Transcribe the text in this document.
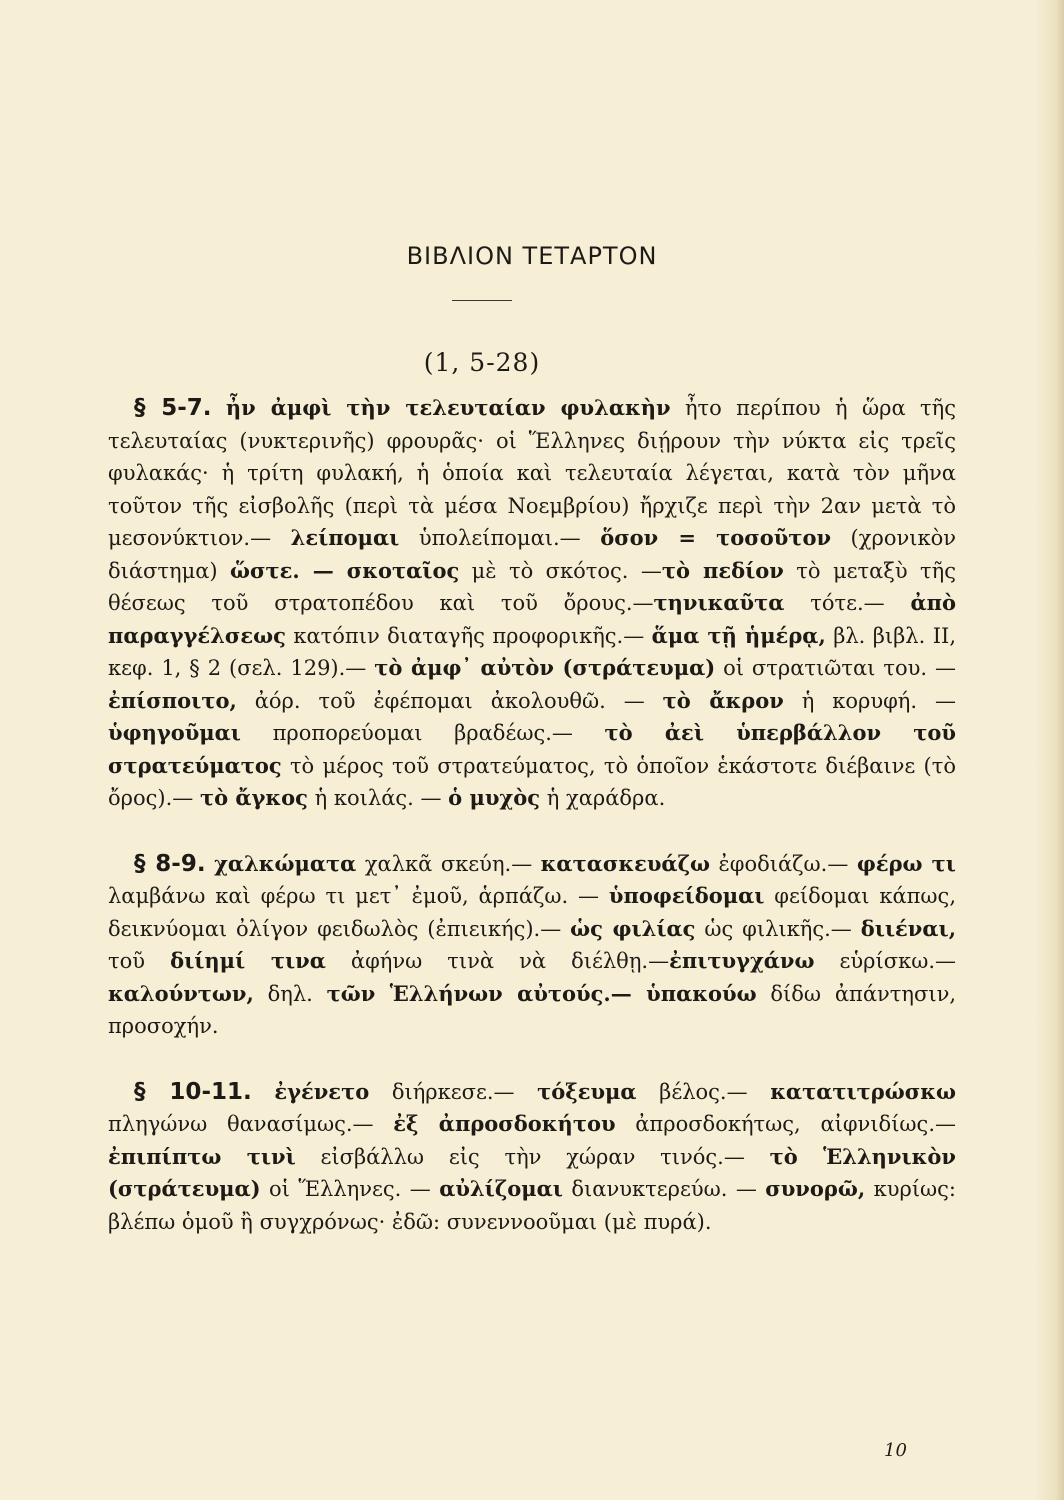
ΒΙΒΛΙΟΝ ΤΕΤΑΡΤΟΝ
(1, 5-28)

§ 5-7. ἦν ἀμφὶ τὴν τελευταίαν φυλακὴν ἦτο περίπου ἡ ὥρα τῆς τελευταίας (νυκτερινῆς) φρουρᾶς· οἱ Ἕλληνες διῄρουν τὴν νύκτα εἰς τρεῖς φυλακάς· ἡ τρίτη φυλακή, ἡ ὁποία καὶ τελευταία λέγεται, κατὰ τὸν μῆνα τοῦτον τῆς εἰσβολῆς (περὶ τὰ μέσα Νοεμβρίου) ἤρχιζε περὶ τὴν 2αν μετὰ τὸ μεσονύκτιον.— λείπομαι ὑπολείπομαι.— ὅσον = τοσοῦτον (χρονικὸν διάστημα) ὥστε. — σκοταῖος μὲ τὸ σκότος. —τὸ πεδίον τὸ μεταξὺ τῆς θέσεως τοῦ στρατοπέδου καὶ τοῦ ὄρους.—τηνικαῦτα τότε.— ἀπὸ παραγγέλσεως κατόπιν διαταγῆς προφορικῆς.— ἅμα τῇ ἡμέρᾳ, βλ. βιβλ. II, κεφ. 1, § 2 (σελ. 129).— τὸ ἀμφ᾽ αὐτὸν (στράτευμα) οἱ στρατιῶται του. — ἐπίσποιτο, ἀόρ. τοῦ ἐφέπομαι ἀκολουθῶ. — τὸ ἄκρον ἡ κορυφή. — ὑφηγοῦμαι προπορεύομαι βραδέως.— τὸ ἀεὶ ὑπερβάλλον τοῦ στρατεύματος τὸ μέρος τοῦ στρατεύματος, τὸ ὁποῖον ἑκάστοτε διέβαινε (τὸ ὄρος).— τὸ ἄγκος ἡ κοιλάς. — ὁ μυχὸς ἡ χαράδρα.

§ 8-9. χαλκώματα χαλκᾶ σκεύη.— κατασκευάζω ἐφοδιάζω.— φέρω τι λαμβάνω καὶ φέρω τι μετ᾽ ἐμοῦ, ἁρπάζω. — ὑποφείδομαι φείδομαι κάπως, δεικνύομαι ὀλίγον φειδωλὸς (ἐπιεικής).— ὡς φιλίας ὡς φιλικῆς.— διιέναι, τοῦ διίημί τινα ἀφήνω τινὰ νὰ διέλθῃ.—ἐπιτυγχάνω εὑρίσκω.— καλούντων, δηλ. τῶν Ἑλλήνων αὐτούς.— ὑπακούω δίδω ἀπάντησιν, προσοχήν.

§ 10-11. ἐγένετο διήρκεσε.— τόξευμα βέλος.— κατατιτρώσκω πληγώνω θανασίμως.— ἐξ ἀπροσδοκήτου ἀπροσδοκήτως, αἰφνιδίως.— ἐπιπίπτω τινὶ εἰσβάλλω εἰς τὴν χώραν τινός.— τὸ Ἑλληνικὸν (στράτευμα) οἱ Ἕλληνες. — αὐλίζομαι διανυκτερεύω. — συνορῶ, κυρίως: βλέπω ὁμοῦ ἢ συγχρόνως· ἐδῶ: συνεννοοῦμαι (μὲ πυρά).

10
